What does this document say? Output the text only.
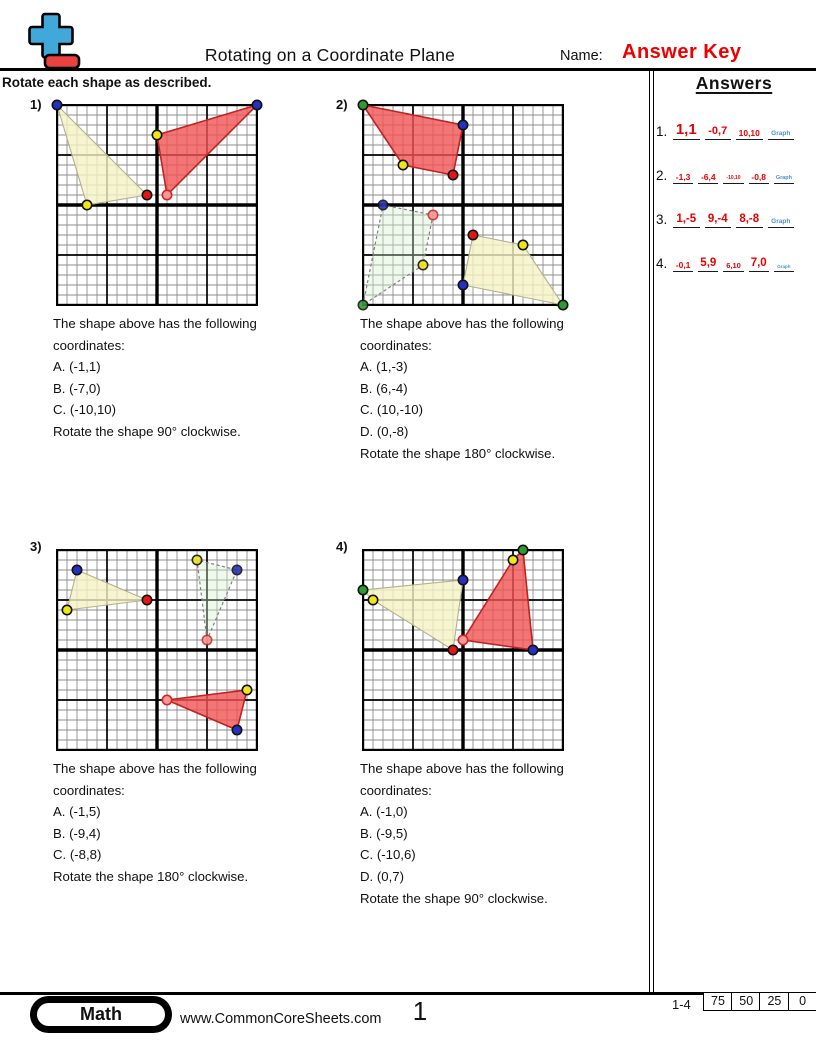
Rotating on a Coordinate Plane	Name: Answer Key
Rotate each shape as described.	Answers
1. 1,1	-0,7	10,10	Graph
2.	-1,3	-6,4	-10,10	-0,8	Graph
3. 1,-5 9,-4 8,-8	Graph
4.	-0,1 5,9	6,10 7,0	Graph
1)
The shape above has the following
coordinates:
A. (-1,1)
B. (-7,0)
C. (-10,10)
Rotate the shape 90° clockwise.
2)
The shape above has the following
coordinates:
A. (1,-3)
B. (6,-4)
C. (10,-10)
D. (0,-8)
Rotate the shape 180° clockwise.
3)
The shape above has the following
coordinates:
A. (-1,5)
B. (-9,4)
C. (-8,8)
Rotate the shape 180° clockwise.
4)
The shape above has the following
coordinates:
A. (-1,0)
B. (-9,5)
C. (-10,6)
D. (0,7)
Rotate the shape 90° clockwise.
Math	www.CommonCoreSheets.com	1	1-4	75	50	25	0
